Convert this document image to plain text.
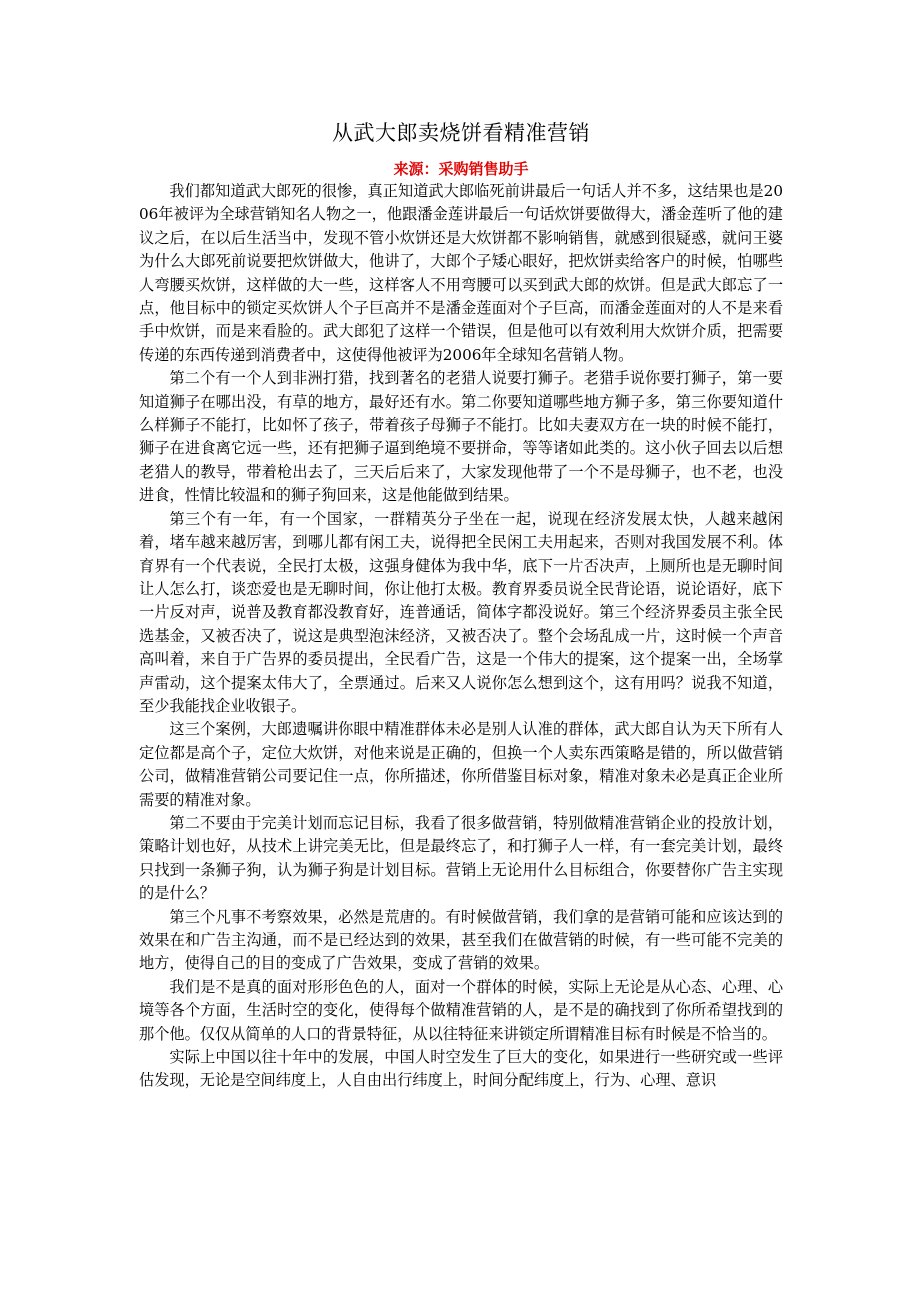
从武大郎卖烧饼看精准营销

来源：采购销售助手

我们都知道武大郎死的很惨，真正知道武大郎临死前讲最后一句话人并不多，这结果也是2006年被评为全球营销知名人物之一，他跟潘金莲讲最后一句话炊饼要做得大，潘金莲听了他的建议之后，在以后生活当中，发现不管小炊饼还是大炊饼都不影响销售，就感到很疑惑，就问王婆为什么大郎死前说要把炊饼做大，他讲了，大郎个子矮心眼好，把炊饼卖给客户的时候，怕哪些人弯腰买炊饼，这样做的大一些，这样客人不用弯腰可以买到武大郎的炊饼。但是武大郎忘了一点，他目标中的锁定买炊饼人个子巨高并不是潘金莲面对个子巨高，而潘金莲面对的人不是来看手中炊饼，而是来看脸的。武大郎犯了这样一个错误，但是他可以有效利用大炊饼介质，把需要传递的东西传递到消费者中，这使得他被评为2006年全球知名营销人物。

第二个有一个人到非洲打猎，找到著名的老猎人说要打狮子。老猎手说你要打狮子，第一要知道狮子在哪出没，有草的地方，最好还有水。第二你要知道哪些地方狮子多，第三你要知道什么样狮子不能打，比如怀了孩子，带着孩子母狮子不能打。比如夫妻双方在一块的时候不能打，狮子在进食离它远一些，还有把狮子逼到绝境不要拼命，等等诸如此类的。这小伙子回去以后想老猎人的教导，带着枪出去了，三天后后来了，大家发现他带了一个不是母狮子，也不老，也没进食，性情比较温和的狮子狗回来，这是他能做到结果。

第三个有一年，有一个国家，一群精英分子坐在一起，说现在经济发展太快，人越来越闲着，堵车越来越厉害，到哪儿都有闲工夫，说得把全民闲工夫用起来，否则对我国发展不利。体育界有一个代表说，全民打太极，这强身健体为我中华，底下一片否决声，上厕所也是无聊时间让人怎么打，谈恋爱也是无聊时间，你让他打太极。教育界委员说全民背论语，说论语好，底下一片反对声，说普及教育都没教育好，连普通话，简体字都没说好。第三个经济界委员主张全民选基金，又被否决了，说这是典型泡沫经济，又被否决了。整个会场乱成一片，这时候一个声音高叫着，来自于广告界的委员提出，全民看广告，这是一个伟大的提案，这个提案一出，全场掌声雷动，这个提案太伟大了，全票通过。后来又人说你怎么想到这个，这有用吗？说我不知道，至少我能找企业收银子。

这三个案例，大郎遗嘱讲你眼中精准群体未必是别人认准的群体，武大郎自认为天下所有人定位都是高个子，定位大炊饼，对他来说是正确的，但换一个人卖东西策略是错的，所以做营销公司，做精准营销公司要记住一点，你所描述，你所借鉴目标对象，精准对象未必是真正企业所需要的精准对象。

第二不要由于完美计划而忘记目标，我看了很多做营销，特别做精准营销企业的投放计划，策略计划也好，从技术上讲完美无比，但是最终忘了，和打狮子人一样，有一套完美计划，最终只找到一条狮子狗，认为狮子狗是计划目标。营销上无论用什么目标组合，你要替你广告主实现的是什么？

第三个凡事不考察效果，必然是荒唐的。有时候做营销，我们拿的是营销可能和应该达到的效果在和广告主沟通，而不是已经达到的效果，甚至我们在做营销的时候，有一些可能不完美的地方，使得自己的目的变成了广告效果，变成了营销的效果。

我们是不是真的面对形形色色的人，面对一个群体的时候，实际上无论是从心态、心理、心境等各个方面，生活时空的变化，使得每个做精准营销的人，是不是的确找到了你所希望找到的那个他。仅仅从简单的人口的背景特征，从以往特征来讲锁定所谓精准目标有时候是不恰当的。

实际上中国以往十年中的发展，中国人时空发生了巨大的变化，如果进行一些研究或一些评估发现，无论是空间纬度上，人自由出行纬度上，时间分配纬度上，行为、心理、意识
